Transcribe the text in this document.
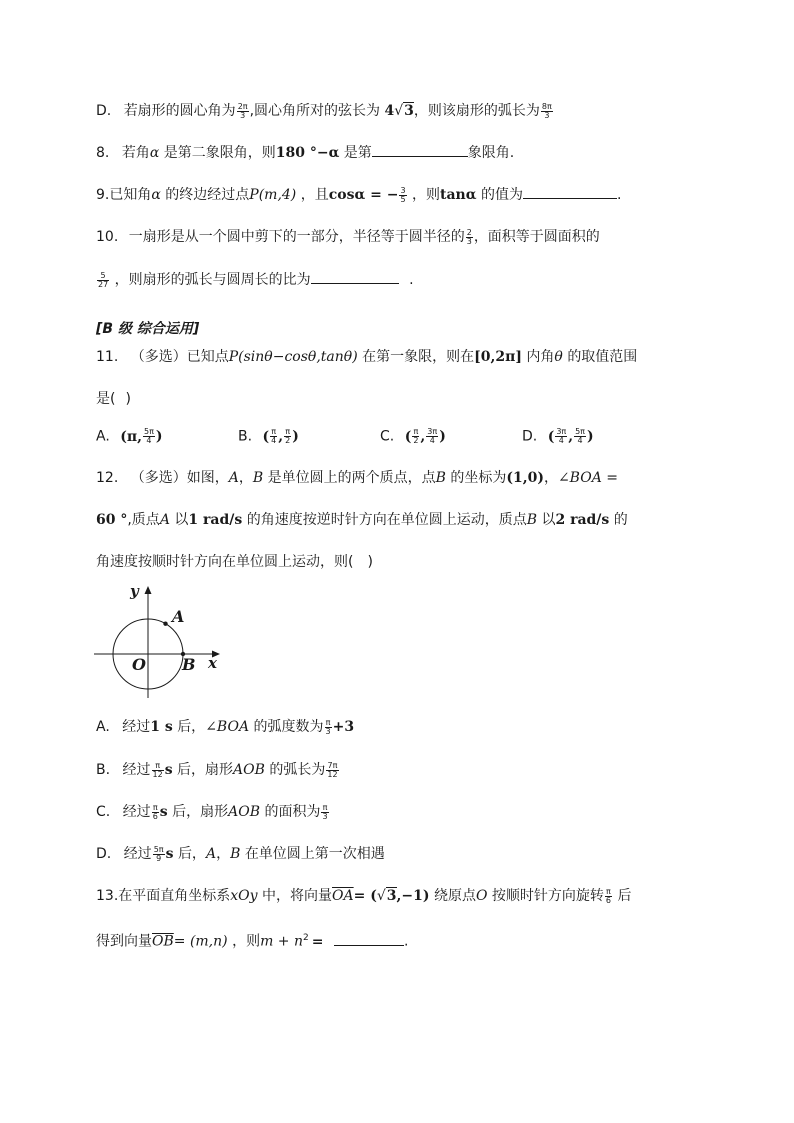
D. 若扇形的圆心角为 $\frac{2\pi}{3}$ ,圆心角所对的弦长为 4√3，则该扇形的弧长为 $\frac{8\pi}{3}$
8. 若角α 是第二象限角，则180 °−α 是第	象限角.
9.已知角α 的终边经过点P(m,4) ，且cosα = − $\frac{3}{5}$ ，则tanα 的值为	.
10. 一扇形是从一个圆中剪下的一部分，半径等于圆半径的 $\frac{2}{3}$ ，面积等于圆面积的
$\frac{5}{27}$ ，则扇形的弧长与圆周长的比为	.
[B 级 综合运用]
11. （多选）已知点P(sinθ−cosθ,tanθ) 在第一象限，则在[0,2π] 内角θ 的取值范围
是( )
A. (π, $\frac{5\pi}{4}$ )	B. ( $\frac{\pi}{4}$ , $\frac{\pi}{2}$ )	C. ( $\frac{\pi}{2}$ , $\frac{3\pi}{4}$ )	D. ( $\frac{3\pi}{4}$ , $\frac{5\pi}{4}$ )
12. （多选）如图，A，B 是单位圆上的两个质点，点B 的坐标为(1,0)，∠BOA =
60 °,质点A 以1 rad/s 的角速度按逆时针方向在单位圆上运动，质点B 以2 rad/s 的
角速度按顺时针方向在单位圆上运动，则( )
y
x
A
O B
A. 经过1 s 后，∠BOA 的弧度数为 $\frac{\pi}{3} +3$
B. 经过 $\frac{\pi}{12}$ s 后，扇形AOB 的弧长为 $\frac{7\pi}{12}$
C. 经过 $\frac{\pi}{6}$ s 后，扇形AOB 的面积为 $\frac{\pi}{3}$
D. 经过 $\frac{5\pi}{9}$ s 后，A，B 在单位圆上第一次相遇
13.在平面直角坐标系xOy 中，将向量$\overline{OA}= (√3,-1)$ 绕原点O 按顺时针方向旋转 $\frac{\pi}{6}$ 后
得到向量$\overline{OB}= (m,n)$ ，则$m + n^2$ =	.
